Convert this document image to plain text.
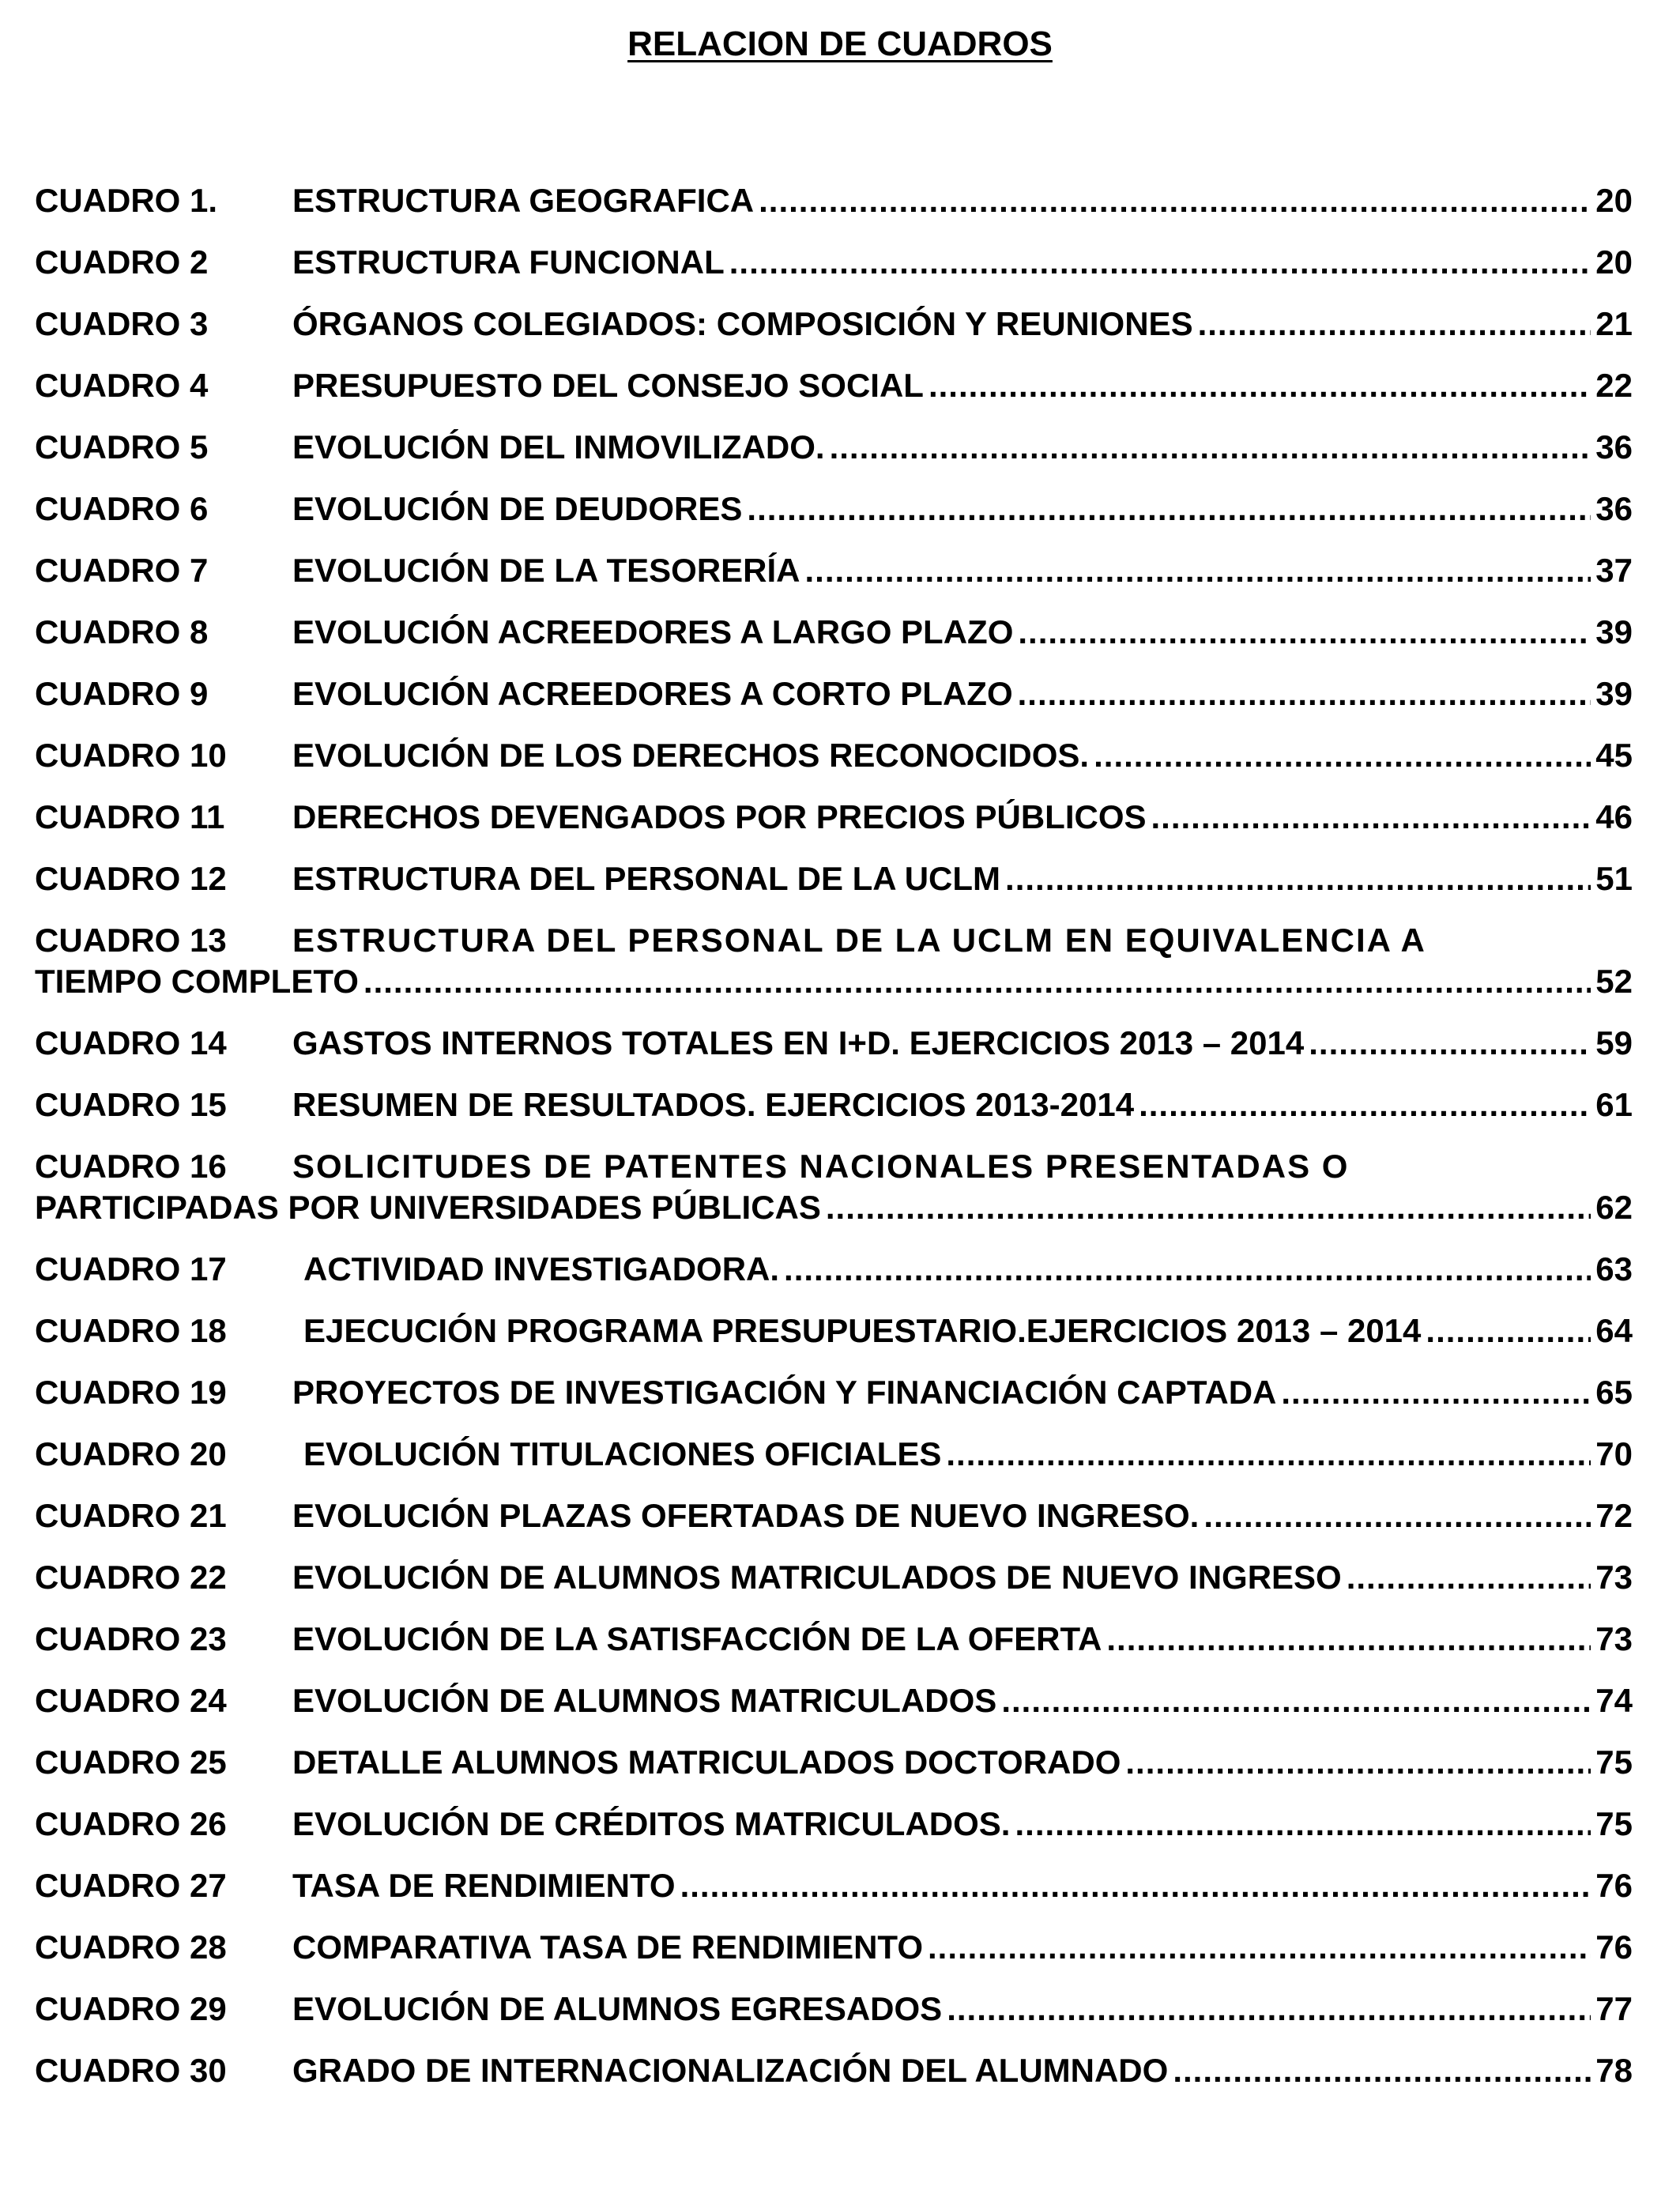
RELACION DE CUADROS
CUADRO 1.	ESTRUCTURA GEOGRAFICA .....	20
CUADRO 2	ESTRUCTURA FUNCIONAL .....	20
CUADRO 3	ÓRGANOS COLEGIADOS: COMPOSICIÓN Y REUNIONES .....	21
CUADRO 4	PRESUPUESTO DEL CONSEJO SOCIAL .....	22
CUADRO 5	EVOLUCIÓN DEL INMOVILIZADO. .....	36
CUADRO 6	EVOLUCIÓN DE DEUDORES .....	36
CUADRO 7	EVOLUCIÓN DE LA TESORERÍA .....	37
CUADRO 8	EVOLUCIÓN ACREEDORES A LARGO PLAZO .....	39
CUADRO 9	EVOLUCIÓN ACREEDORES A CORTO PLAZO .....	39
CUADRO 10	EVOLUCIÓN DE LOS DERECHOS RECONOCIDOS. .....	45
CUADRO 11	DERECHOS DEVENGADOS POR PRECIOS PÚBLICOS .....	46
CUADRO 12	ESTRUCTURA DEL PERSONAL DE LA UCLM .....	51
CUADRO 13	ESTRUCTURA DEL PERSONAL DE LA UCLM EN EQUIVALENCIA A
TIEMPO COMPLETO .....	52
CUADRO 14	GASTOS INTERNOS TOTALES EN I+D. EJERCICIOS 2013 – 2014 .....	59
CUADRO 15	RESUMEN DE RESULTADOS. EJERCICIOS 2013-2014 .....	61
CUADRO 16	SOLICITUDES DE PATENTES NACIONALES PRESENTADAS O
PARTICIPADAS POR UNIVERSIDADES PÚBLICAS .....	62
CUADRO 17	ACTIVIDAD INVESTIGADORA. .....	63
CUADRO 18	EJECUCIÓN PROGRAMA PRESUPUESTARIO.EJERCICIOS 2013 – 2014 .....	64
CUADRO 19	PROYECTOS DE INVESTIGACIÓN Y FINANCIACIÓN CAPTADA .....	65
CUADRO 20	EVOLUCIÓN TITULACIONES OFICIALES .....	70
CUADRO 21	EVOLUCIÓN PLAZAS OFERTADAS DE NUEVO INGRESO. .....	72
CUADRO 22	EVOLUCIÓN DE ALUMNOS MATRICULADOS DE NUEVO INGRESO .....	73
CUADRO 23	EVOLUCIÓN DE LA SATISFACCIÓN DE LA OFERTA .....	73
CUADRO 24	EVOLUCIÓN DE ALUMNOS MATRICULADOS .....	74
CUADRO 25	DETALLE ALUMNOS MATRICULADOS DOCTORADO .....	75
CUADRO 26	EVOLUCIÓN DE CRÉDITOS MATRICULADOS. .....	75
CUADRO 27	TASA DE RENDIMIENTO .....	76
CUADRO 28	COMPARATIVA TASA DE RENDIMIENTO .....	76
CUADRO 29	EVOLUCIÓN DE ALUMNOS EGRESADOS .....	77
CUADRO 30	GRADO DE INTERNACIONALIZACIÓN DEL ALUMNADO .....	78
